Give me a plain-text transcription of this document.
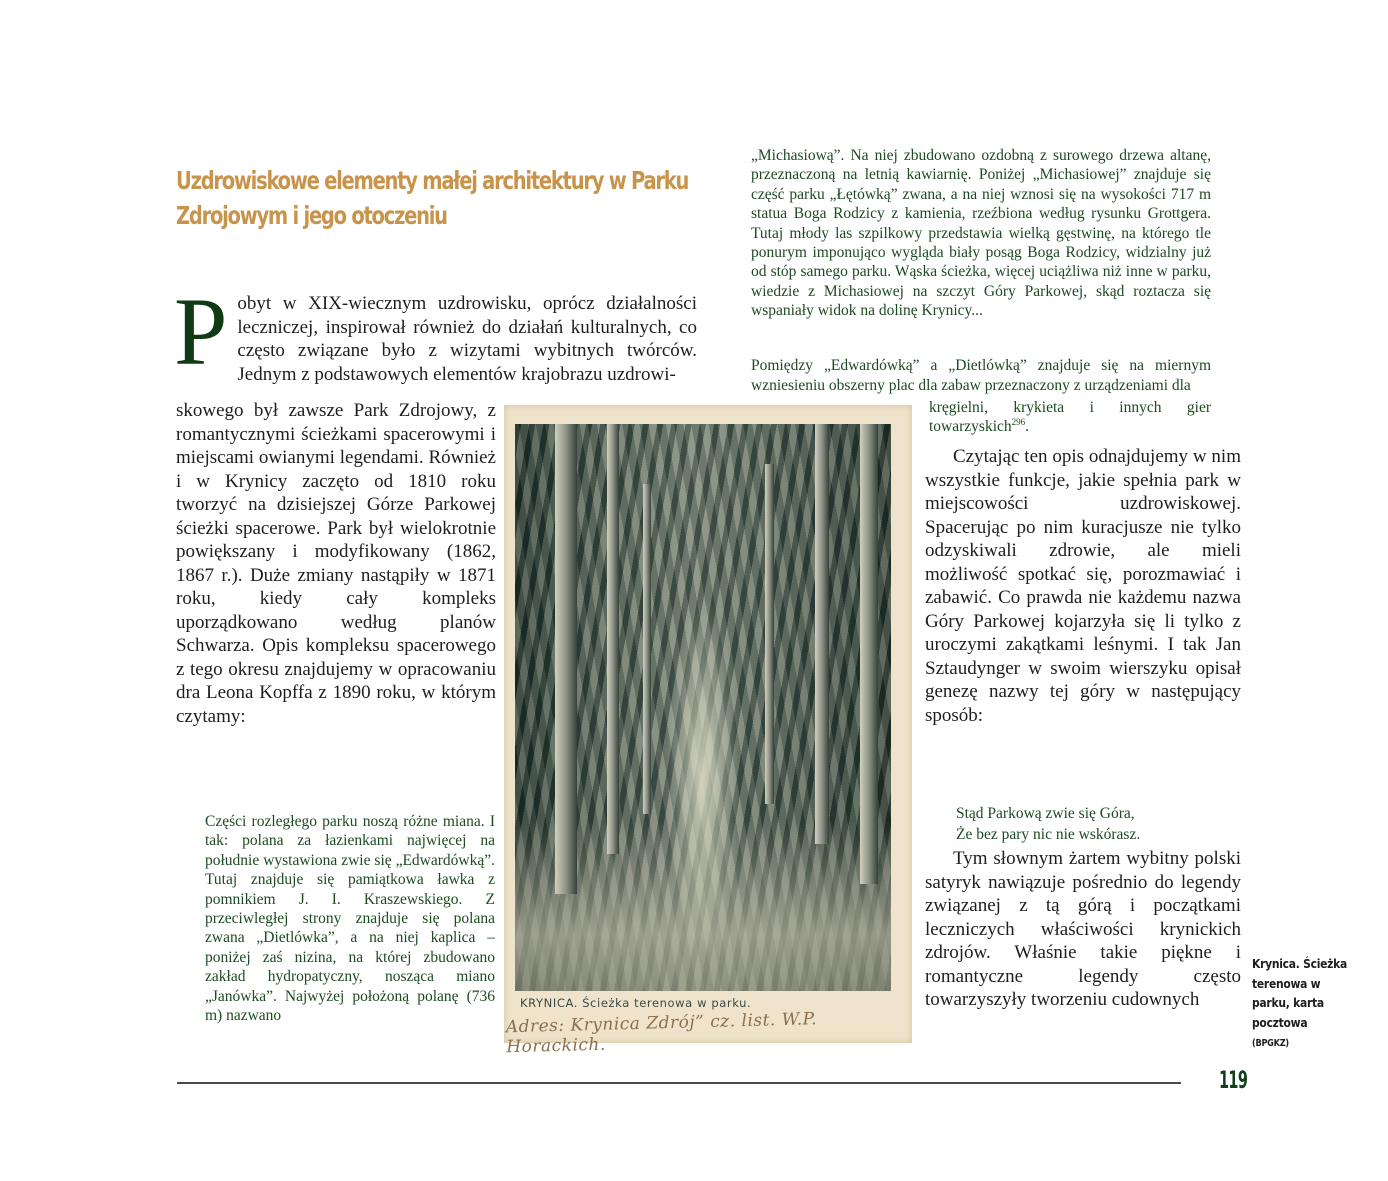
Uzdrowiskowe elementy małej architektury w Parku Zdrojowym i jego otoczeniu
P obyt w XIX-wiecznym uzdrowisku, oprócz działalności leczniczej, inspirował również do działań kulturalnych, co często związane było z wizytami wybitnych twórców. Jednym z podstawowych elementów krajobrazu uzdrowi-

skowego był zawsze Park Zdrojowy, z romantycznymi ścieżkami spacerowymi i miejscami owianymi legendami. Również i w Krynicy zaczęto od 1810 roku tworzyć na dzisiejszej Górze Parkowej ścieżki spacerowe. Park był wielokrotnie powiększany i modyfikowany (1862, 1867 r.). Duże zmiany nastąpiły w 1871 roku, kiedy cały kompleks uporządkowano według planów Schwarza. Opis kompleksu spacerowego z tego okresu znajdujemy w opracowaniu dra Leona Kopffa z 1890 roku, w którym czytamy:

Części rozległego parku noszą różne miana. I tak: polana za łazienkami najwięcej na południe wystawiona zwie się „Edwardówką”. Tutaj znajduje się pamiątkowa ławka z pomnikiem J. I. Kraszewskiego. Z przeciwległej strony znajduje się polana zwana „Dietlówka”, a na niej kaplica – poniżej zaś nizina, na której zbudowano zakład hydropatyczny, nosząca miano „Janówka”. Najwyżej położoną polanę (736 m) nazwano

„Michasiową”. Na niej zbudowano ozdobną z surowego drzewa altanę, przeznaczoną na letnią kawiarnię. Poniżej „Michasiowej” znajduje się część parku „Łętówką” zwana, a na niej wznosi się na wysokości 717 m statua Boga Rodzicy z kamienia, rzeźbiona według rysunku Grottgera. Tutaj młody las szpilkowy przedstawia wielką gęstwinę, na którego tle ponurym imponująco wygląda biały posąg Boga Rodzicy, widzialny już od stóp samego parku. Wąska ścieżka, więcej uciążliwa niż inne w parku, wiedzie z Michasiowej na szczyt Góry Parkowej, skąd roztacza się wspaniały widok na dolinę Krynicy...

Pomiędzy „Edwardówką” a „Dietlówką” znajduje się na miernym wzniesieniu obszerny plac dla zabaw przeznaczony z urządzeniami dla
kręgielni, krykieta i innych gier towarzyskich$^{296}$.

Czytając ten opis odnajdujemy w nim wszystkie funkcje, jakie spełnia park w miejscowości uzdrowiskowej. Spacerując po nim kuracjusze nie tylko odzyskiwali zdrowie, ale mieli możliwość spotkać się, porozmawiać i zabawić. Co prawda nie każdemu nazwa Góry Parkowej kojarzyła się li tylko z uroczymi zakątkami leśnymi. I tak Jan Sztaudynger w swoim wierszyku opisał genezę nazwy tej góry w następujący sposób:

Stąd Parkową zwie się Góra,
Że bez pary nic nie wskórasz.

Tym słownym żartem wybitny polski satyryk nawiązuje pośrednio do legendy związanej z tą górą i początkami leczniczych właściwości krynickich zdrojów. Właśnie takie piękne i romantyczne legendy często towarzyszyły tworzeniu cudownych

KRYNICA. Ścieżka terenowa w parku.
Adres: Krynica Zdrój” cz. list. W.P. Horackich.
Krynica. Ścieżka terenowa w parku, karta pocztowa
(BPGKZ)
119
